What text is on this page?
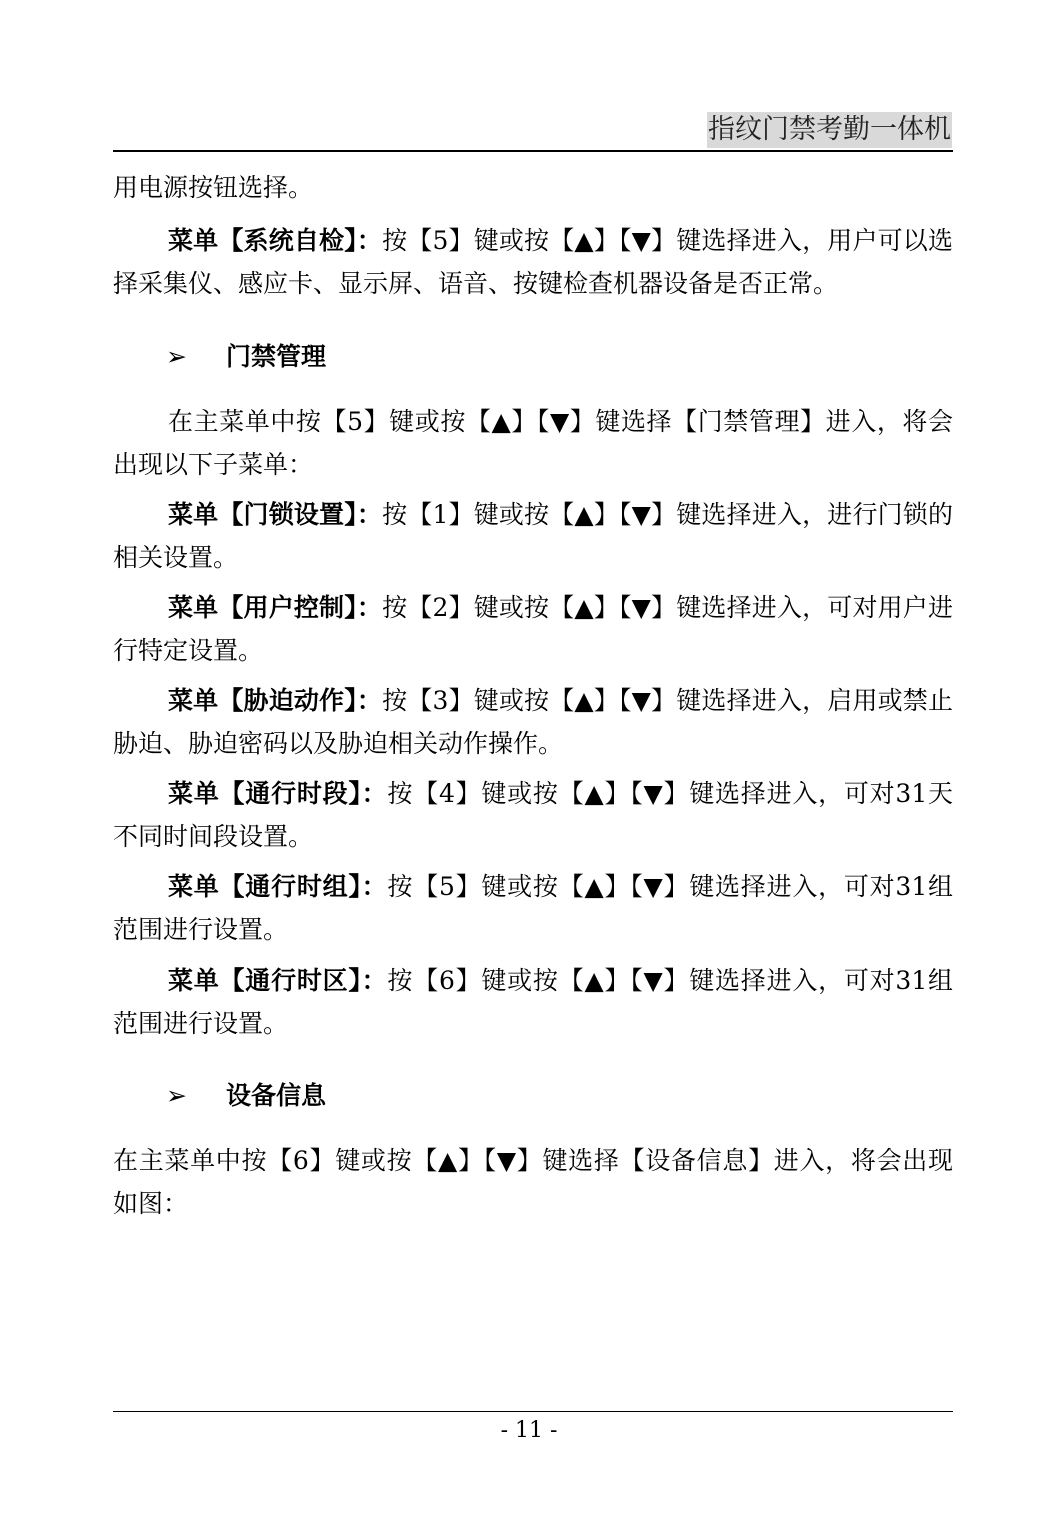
指纹门禁考勤一体机

用电源按钮选择。

菜单【系统自检】：按【5】键或按【▲】【▼】键选择进入，用户可以选择采集仪、感应卡、显示屏、语音、按键检查机器设备是否正常。

➢ 门禁管理

在主菜单中按【5】键或按【▲】【▼】键选择【门禁管理】进入，将会出现以下子菜单：

菜单【门锁设置】：按【1】键或按【▲】【▼】键选择进入，进行门锁的相关设置。

菜单【用户控制】：按【2】键或按【▲】【▼】键选择进入，可对用户进行特定设置。

菜单【胁迫动作】：按【3】键或按【▲】【▼】键选择进入，启用或禁止胁迫、胁迫密码以及胁迫相关动作操作。

菜单【通行时段】：按【4】键或按【▲】【▼】键选择进入，可对31天不同时间段设置。

菜单【通行时组】：按【5】键或按【▲】【▼】键选择进入，可对31组范围进行设置。

菜单【通行时区】：按【6】键或按【▲】【▼】键选择进入，可对31组范围进行设置。

➢ 设备信息

在主菜单中按【6】键或按【▲】【▼】键选择【设备信息】进入，将会出现如图：

- 11 -
